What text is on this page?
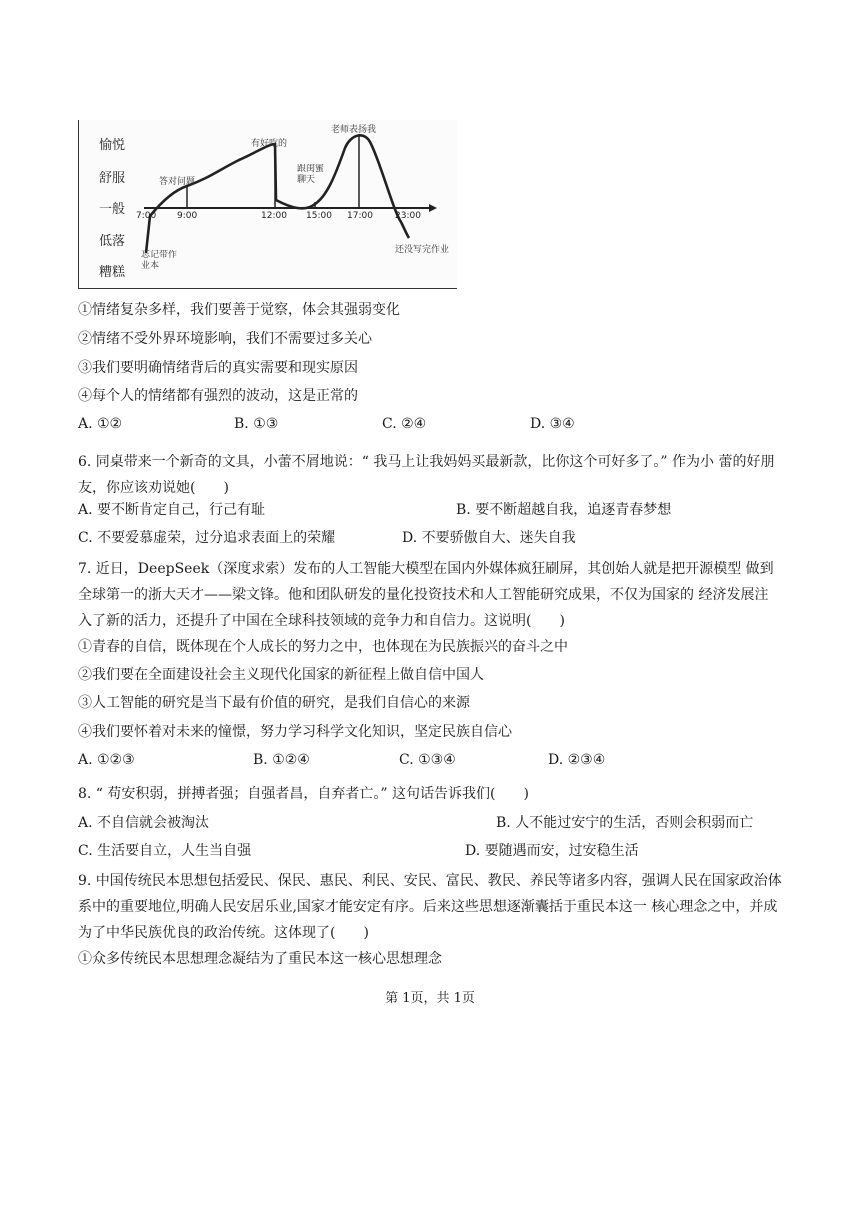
愉悦
舒服
一般
低落
糟糕
7:00 9:00	12:00 15:00 17:00 23:00
答对问题
有好吃的
老师表扬我
还没写完作业
忘记带作业本
跟闺蜜聊天
①情绪复杂多样，我们要善于觉察，体会其强弱变化
②情绪不受外界环境影响，我们不需要过多关心
③我们要明确情绪背后的真实需要和现实原因
④每个人的情绪都有强烈的波动，这是正常的
A. ①②	B. ①③	C. ②④	D. ③④
6. 同桌带来一个新奇的文具，小蕾不屑地说：“ 我马上让我妈妈买最新款，比你这个可好多了。” 作为小 蕾的好朋友，你应该劝说她(　　)
A. 要不断肯定自己，行己有耻	B. 要不断超越自我，追逐青春梦想
C. 不要爱慕虚荣，过分追求表面上的荣耀	D. 不要骄傲自大、迷失自我
7. 近日，DeepSeek（深度求索）发布的人工智能大模型在国内外媒体疯狂刷屏，其创始人就是把开源模型 做到全球第一的浙大天才——梁文锋。他和团队研发的量化投资技术和人工智能研究成果，不仅为国家的 经济发展注入了新的活力，还提升了中国在全球科技领域的竞争力和自信力。这说明(　　)
①青春的自信，既体现在个人成长的努力之中，也体现在为民族振兴的奋斗之中
②我们要在全面建设社会主义现代化国家的新征程上做自信中国人
③人工智能的研究是当下最有价值的研究，是我们自信心的来源
④我们要怀着对未来的憧憬，努力学习科学文化知识，坚定民族自信心
A. ①②③	B. ①②④	C. ①③④	D. ②③④
8. “ 苟安积弱，拼搏者强；自强者昌，自弃者亡。” 这句话告诉我们(　　)
A. 不自信就会被淘汰	B. 人不能过安宁的生活，否则会积弱而亡
C. 生活要自立，人生当自强	D. 要随遇而安，过安稳生活
9. 中国传统民本思想包括爱民、保民、惠民、利民、安民、富民、教民、养民等诸多内容，强调人民在国家政治体系中的重要地位,明确人民安居乐业,国家才能安定有序。后来这些思想逐渐囊括于重民本这一 核心理念之中，并成为了中华民族优良的政治传统。这体现了(　　)
①众多传统民本思想理念凝结为了重民本这一核心思想理念
第 1页，共 1页
